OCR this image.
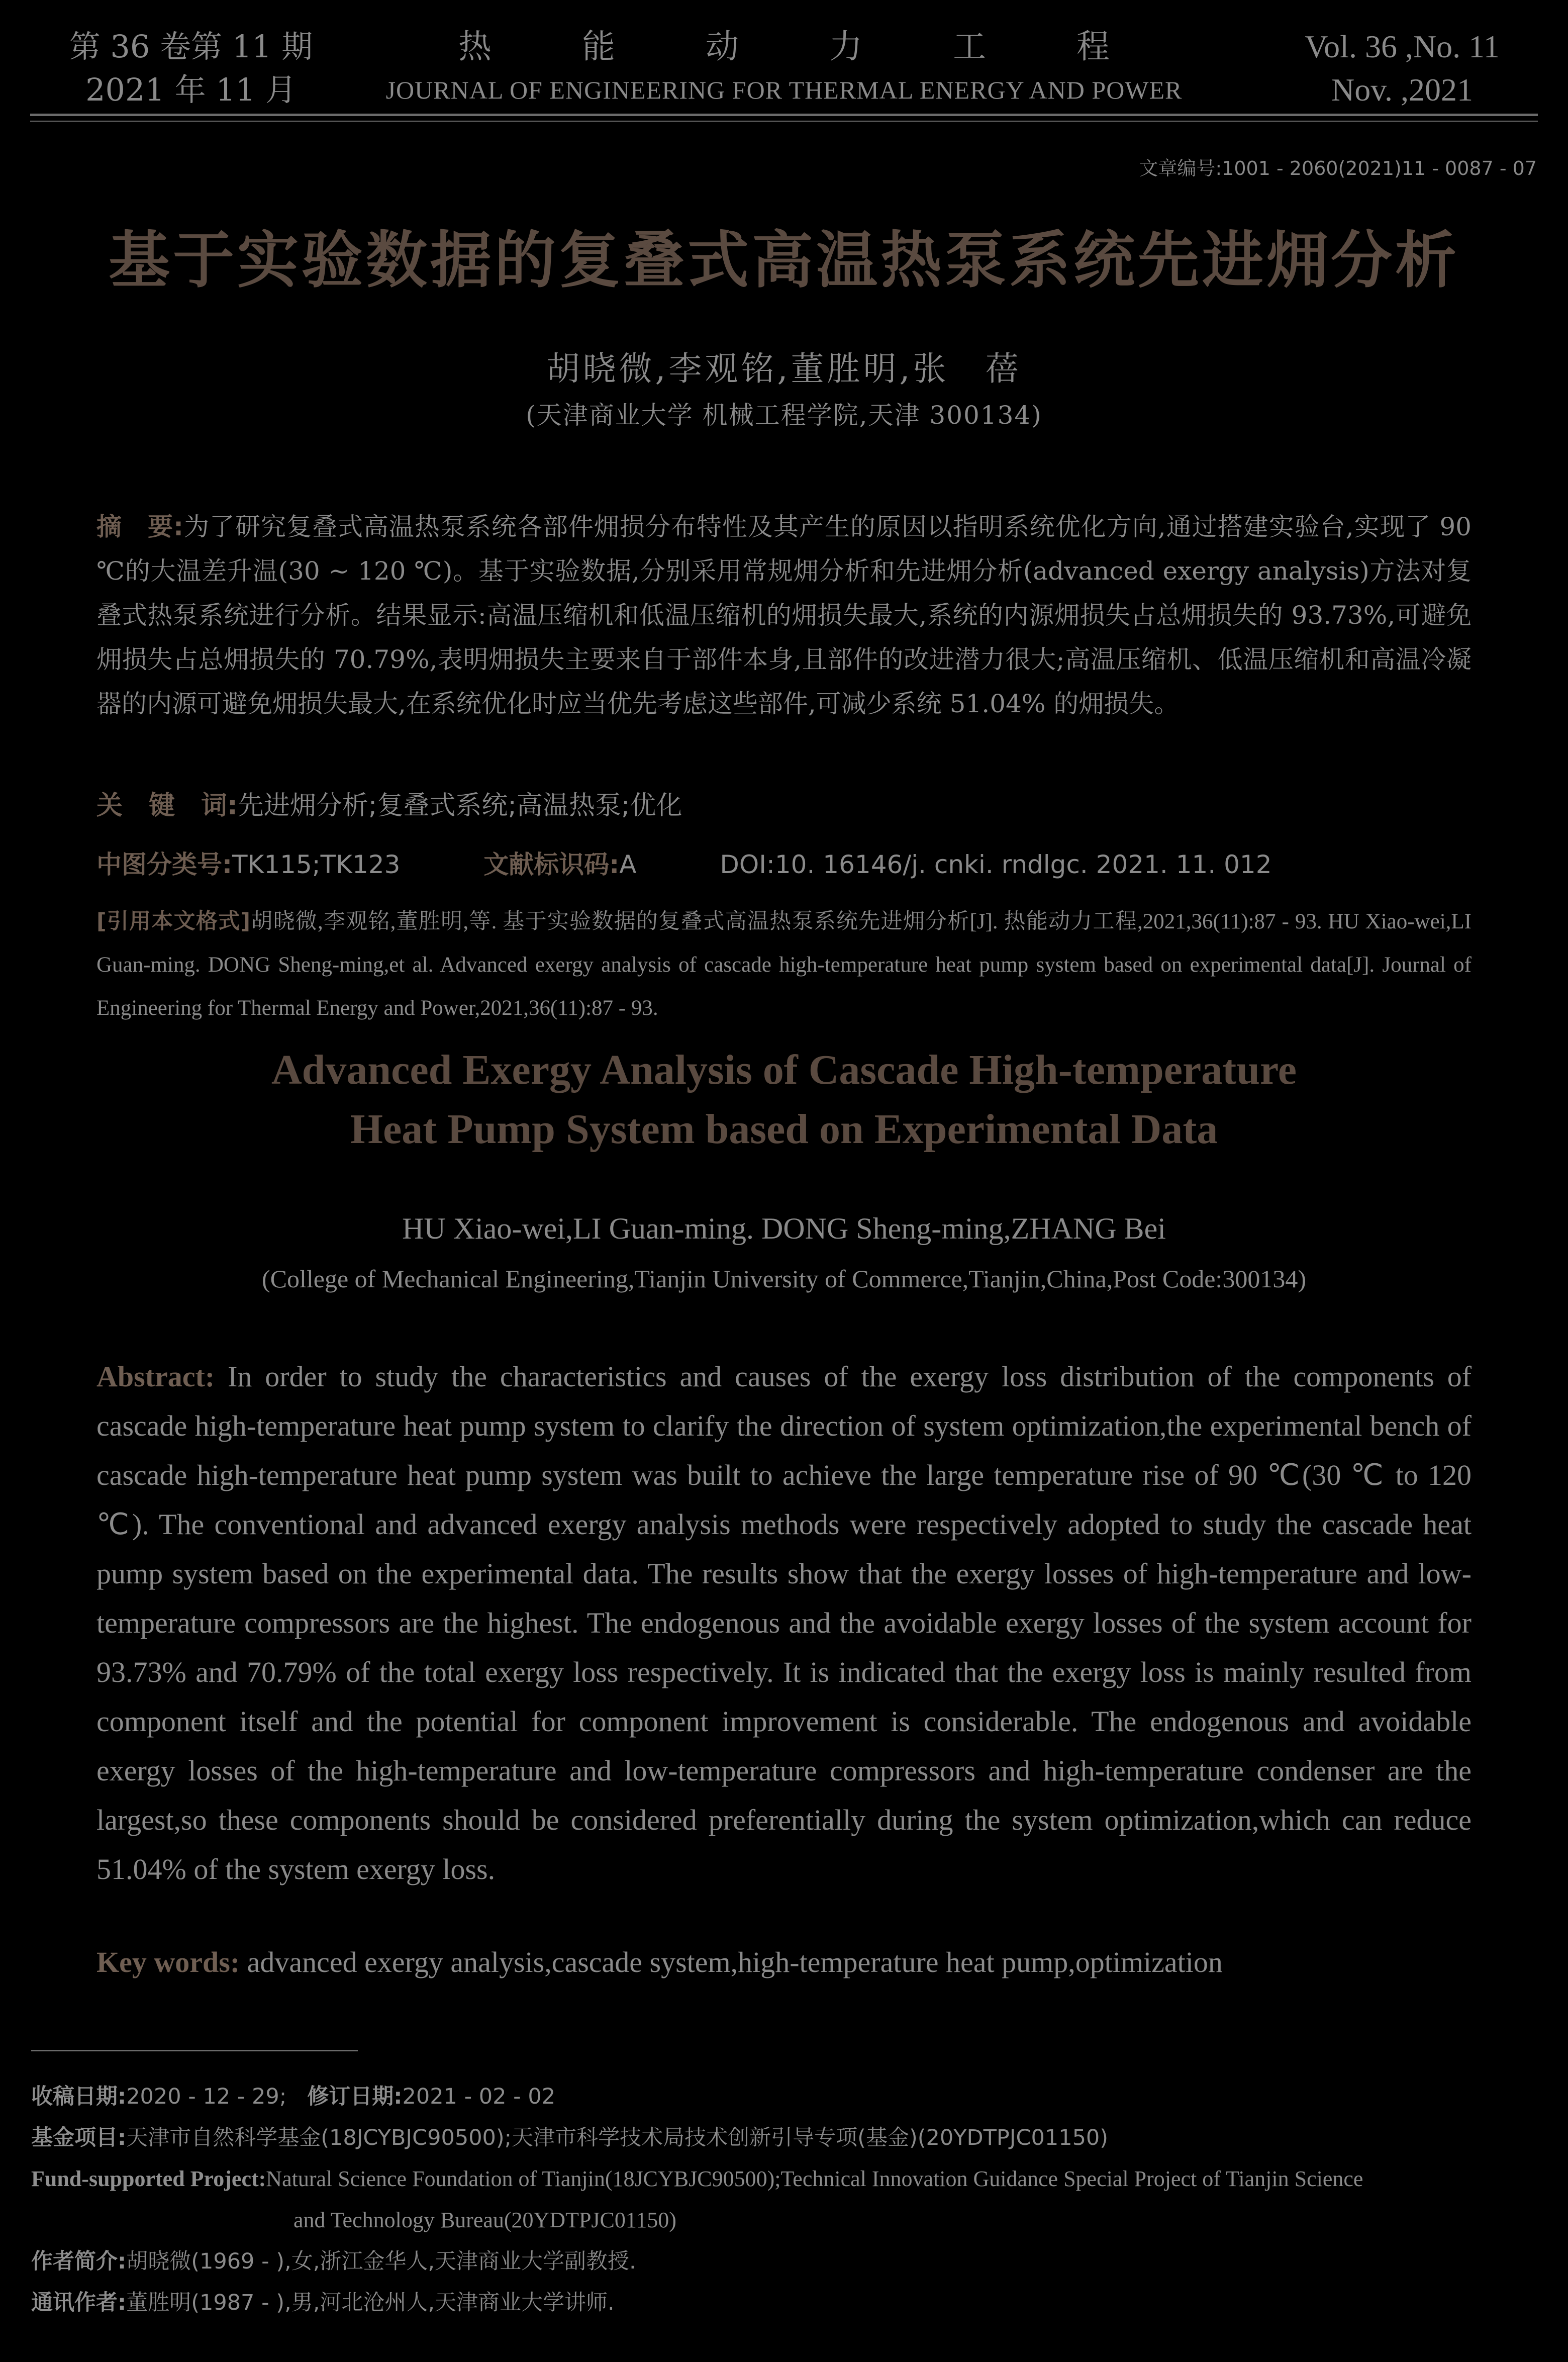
第 36 卷第 11 期
2021 年 11 月
热能动力工程
JOURNAL OF ENGINEERING FOR THERMAL ENERGY AND POWER
Vol. 36 ,No. 11
Nov. ,2021
文章编号:1001 - 2060(2021)11 - 0087 - 07
基于实验数据的复叠式高温热泵系统先进㶲分析
胡晓微,李观铭,董胜明,张　蓓
(天津商业大学 机械工程学院,天津 300134)
摘　要:为了研究复叠式高温热泵系统各部件㶲损分布特性及其产生的原因以指明系统优化方向,通过搭建实验台,实现了 90 ℃的大温差升温(30 ~ 120 ℃)。基于实验数据,分别采用常规㶲分析和先进㶲分析(advanced exergy analysis)方法对复叠式热泵系统进行分析。结果显示:高温压缩机和低温压缩机的㶲损失最大,系统的内源㶲损失占总㶲损失的 93.73%,可避免㶲损失占总㶲损失的 70.79%,表明㶲损失主要来自于部件本身,且部件的改进潜力很大;高温压缩机、低温压缩机和高温冷凝器的内源可避免㶲损失最大,在系统优化时应当优先考虑这些部件,可减少系统 51.04% 的㶲损失。
关　键　词:先进㶲分析;复叠式系统;高温热泵;优化
中图分类号:TK115;TK123	文献标识码:A	DOI:10. 16146/j. cnki. rndlgc. 2021. 11. 012
[引用本文格式]胡晓微,李观铭,董胜明,等. 基于实验数据的复叠式高温热泵系统先进㶲分析[J]. 热能动力工程,2021,36(11):87 - 93. HU Xiao-wei,LI Guan-ming. DONG Sheng-ming,et al. Advanced exergy analysis of cascade high-temperature heat pump system based on experimental data[J]. Journal of Engineering for Thermal Energy and Power,2021,36(11):87 - 93.
Advanced Exergy Analysis of Cascade High-temperature
Heat Pump System based on Experimental Data
HU Xiao-wei,LI Guan-ming. DONG Sheng-ming,ZHANG Bei
(College of Mechanical Engineering,Tianjin University of Commerce,Tianjin,China,Post Code:300134)
Abstract: In order to study the characteristics and causes of the exergy loss distribution of the components of cascade high-temperature heat pump system to clarify the direction of system optimization,the experimental bench of cascade high-temperature heat pump system was built to achieve the large temperature rise of 90 ℃(30 ℃ to 120 ℃). The conventional and advanced exergy analysis methods were respectively adopted to study the cascade heat pump system based on the experimental data. The results show that the exergy losses of high-temperature and low-temperature compressors are the highest. The endogenous and the avoidable exergy losses of the system account for 93.73% and 70.79% of the total exergy loss respectively. It is indicated that the exergy loss is mainly resulted from component itself and the potential for component improvement is considerable. The endogenous and avoidable exergy losses of the high-temperature and low-temperature compressors and high-temperature condenser are the largest,so these components should be considered preferentially during the system optimization,which can reduce 51.04% of the system exergy loss.
Key words: advanced exergy analysis,cascade system,high-temperature heat pump,optimization
收稿日期:2020 - 12 - 29; 修订日期:2021 - 02 - 02
基金项目:天津市自然科学基金(18JCYBJC90500);天津市科学技术局技术创新引导专项(基金)(20YDTPJC01150)
Fund-supported Project:Natural Science Foundation of Tianjin(18JCYBJC90500);Technical Innovation Guidance Special Project of Tianjin Science
and Technology Bureau(20YDTPJC01150)
作者简介:胡晓微(1969 - ),女,浙江金华人,天津商业大学副教授.
通讯作者:董胜明(1987 - ),男,河北沧州人,天津商业大学讲师.
